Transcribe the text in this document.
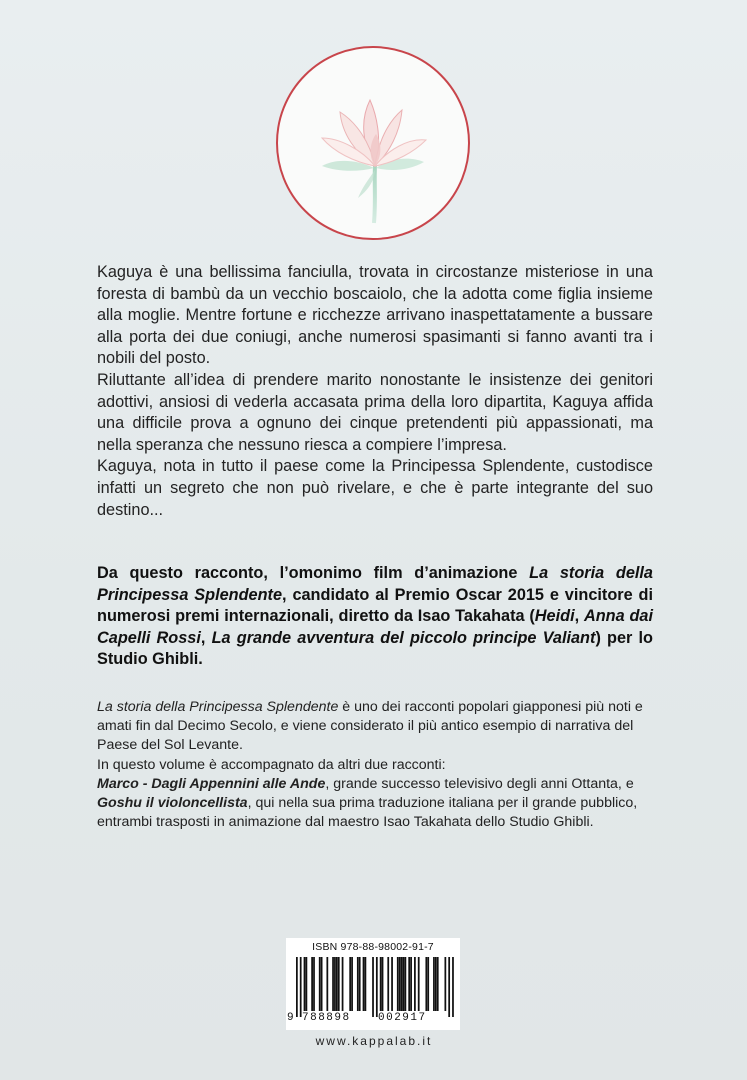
Kaguya è una bellissima fanciulla, trovata in circostanze misteriose in una foresta di bambù da un vecchio boscaiolo, che la adotta come figlia insieme alla moglie. Mentre fortune e ricchezze arrivano inaspettatamente a bussare alla porta dei due coniugi, anche numerosi spasimanti si fanno avanti tra i nobili del posto.

Riluttante all’idea di prendere marito nonostante le insistenze dei genitori adottivi, ansiosi di vederla accasata prima della loro dipartita, Kaguya affida una difficile prova a ognuno dei cinque pretendenti più appassionati, ma nella speranza che nessuno riesca a compiere l’impresa.

Kaguya, nota in tutto il paese come la Principessa Splendente, custodisce infatti un segreto che non può rivelare, e che è parte integrante del suo destino...

Da questo racconto, l’omonimo film d’animazione La storia della Principessa Splendente, candidato al Premio Oscar 2015 e vincitore di numerosi premi internazionali, diretto da Isao Takahata (Heidi, Anna dai Capelli Rossi, La grande avventura del piccolo principe Valiant) per lo Studio Ghibli.

La storia della Principessa Splendente è uno dei racconti popolari giapponesi più noti e amati fin dal Decimo Secolo, e viene considerato il più antico esempio di narrativa del Paese del Sol Levante.

In questo volume è accompagnato da altri due racconti:
Marco - Dagli Appennini alle Ande, grande successo televisivo degli anni Ottanta, e Goshu il violoncellista, qui nella sua prima traduzione italiana per il grande pubblico, entrambi trasposti in animazione dal maestro Isao Takahata dello Studio Ghibli.

ISBN 978-88-98002-91-7
9 788898 002917
www.kappalab.it
